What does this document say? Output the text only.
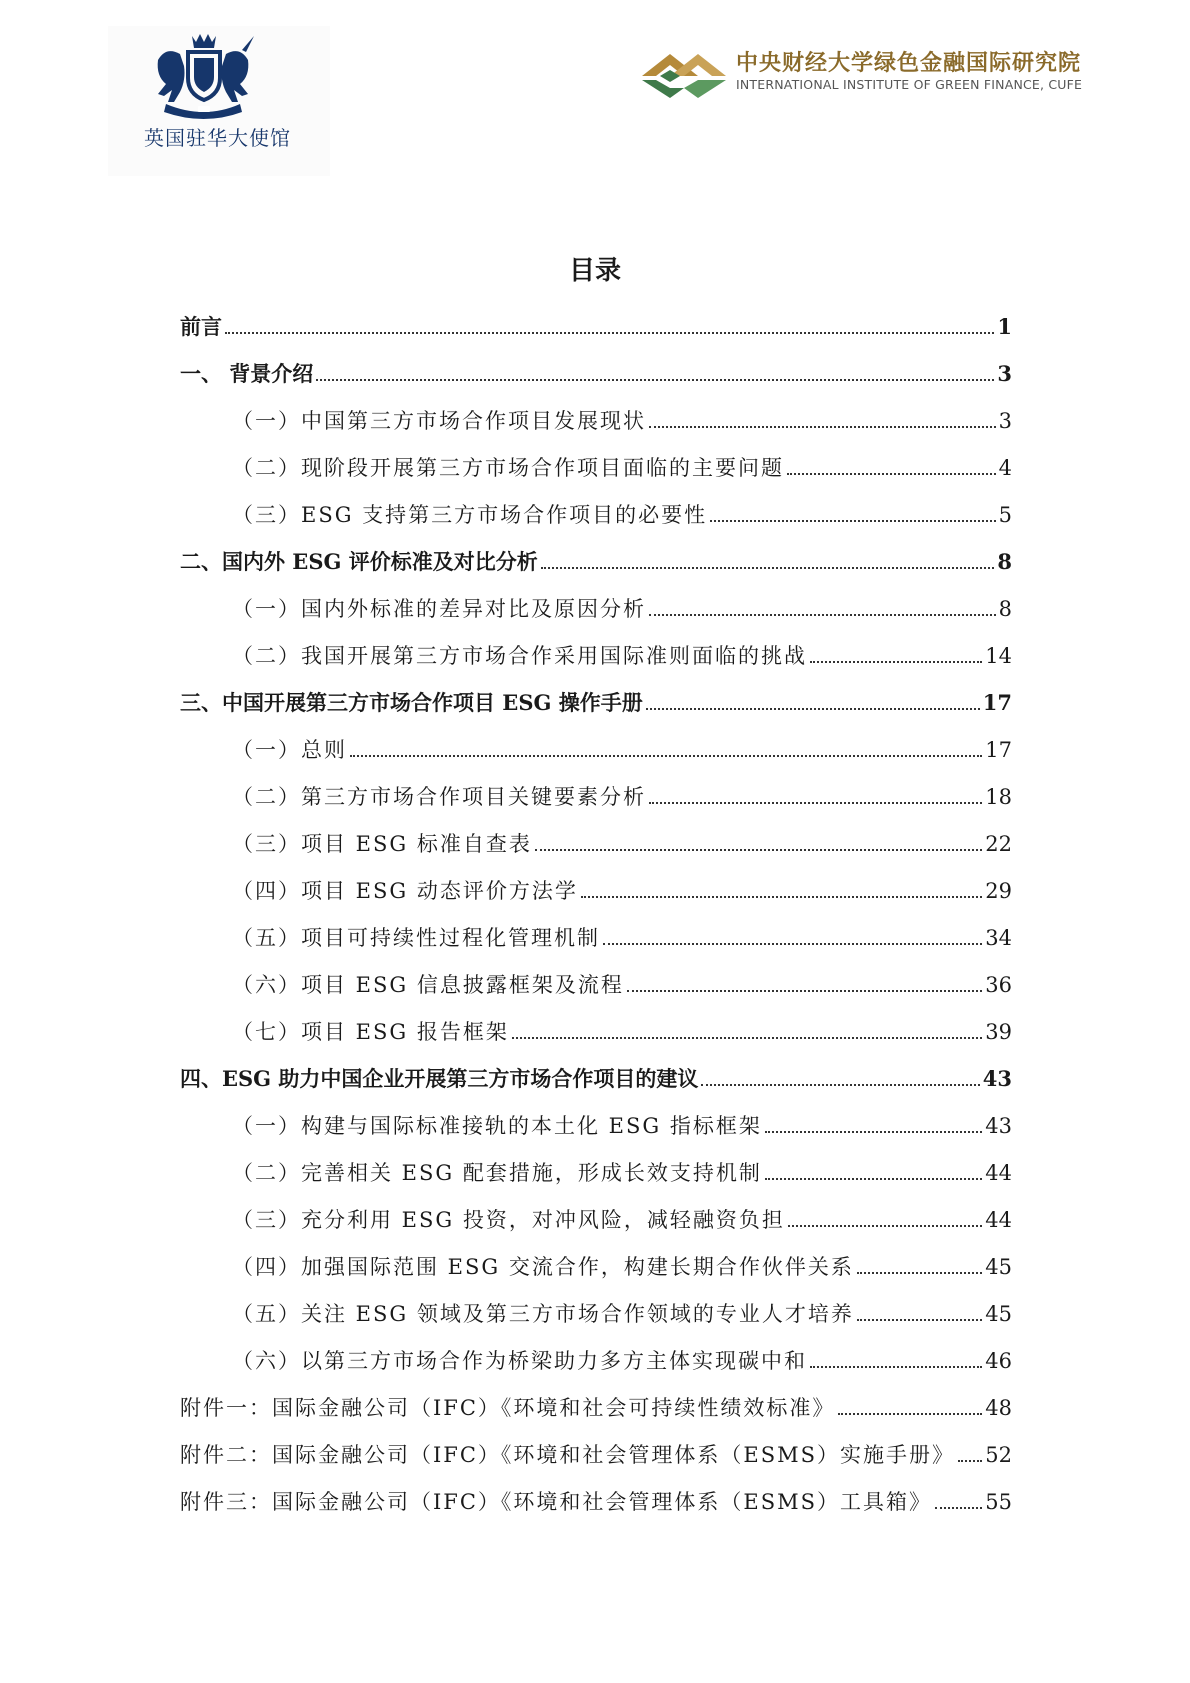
英国驻华大使馆
中央财经大学绿色金融国际研究院
INTERNATIONAL INSTITUTE OF GREEN FINANCE, CUFE
目录
前言	1
一、 背景介绍	3
（一）中国第三方市场合作项目发展现状	3
（二）现阶段开展第三方市场合作项目面临的主要问题	4
（三）ESG 支持第三方市场合作项目的必要性	5
二、国内外 ESG 评价标准及对比分析	8
（一）国内外标准的差异对比及原因分析	8
（二）我国开展第三方市场合作采用国际准则面临的挑战	14
三、中国开展第三方市场合作项目 ESG 操作手册	17
（一）总则	17
（二）第三方市场合作项目关键要素分析	18
（三）项目 ESG 标准自查表	22
（四）项目 ESG 动态评价方法学	29
（五）项目可持续性过程化管理机制	34
（六）项目 ESG 信息披露框架及流程	36
（七）项目 ESG 报告框架	39
四、ESG 助力中国企业开展第三方市场合作项目的建议	43
（一）构建与国际标准接轨的本土化 ESG 指标框架	43
（二）完善相关 ESG 配套措施，形成长效支持机制	44
（三）充分利用 ESG 投资，对冲风险，减轻融资负担	44
（四）加强国际范围 ESG 交流合作，构建长期合作伙伴关系	45
（五）关注 ESG 领域及第三方市场合作领域的专业人才培养	45
（六）以第三方市场合作为桥梁助力多方主体实现碳中和	46
附件一：国际金融公司（IFC）《环境和社会可持续性绩效标准》	48
附件二：国际金融公司（IFC）《环境和社会管理体系（ESMS）实施手册》 52
附件三：国际金融公司（IFC）《环境和社会管理体系（ESMS）工具箱》	55
